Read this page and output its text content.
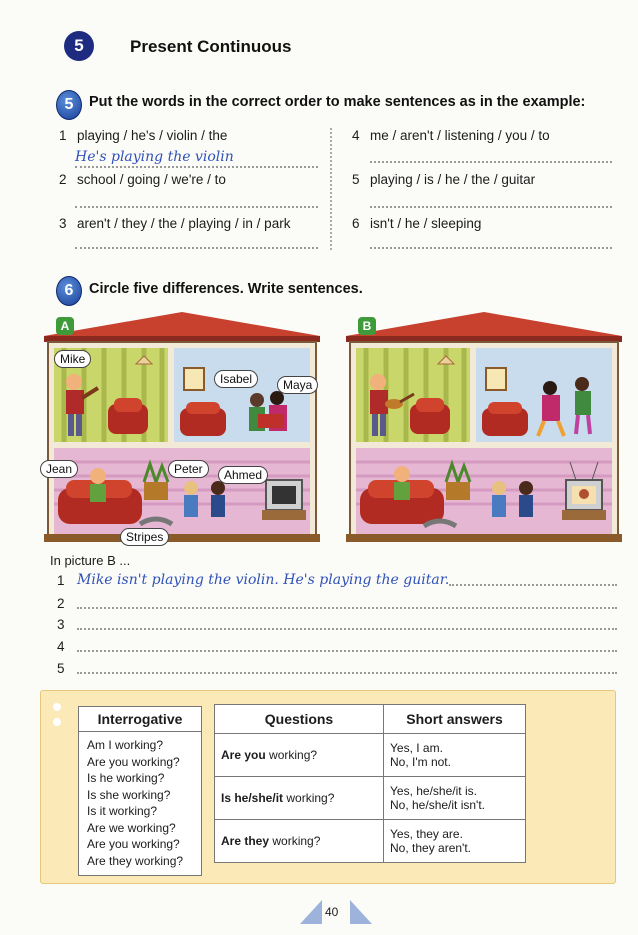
5	Present Continuous
5	Put the words in the correct order to make sentences as in the example:
1 playing / he's / violin / the
He's playing the violin
2 school / going / we're / to
3 aren't / they / the / playing / in / park
4 me / aren't / listening / you / to
5 playing / is / he / the / guitar
6 isn't / he / sleeping
6	Circle five differences. Write sentences.
A
Mike
Isabel	Maya
Jean	Peter	Ahmed
Stripes
B
In picture B ...
1 Mike isn't playing the violin. He's playing the guitar.
2
3
4
5
Interrogative
Am I working?
Are you working?
Is he working?
Is she working?
Is it working?
Are we working?
Are you working?
Are they working?
Questions	Short answers
Are you working?	Yes, I am.
No, I'm not.

Is he/she/it working?	Yes, he/she/it is.
No, he/she/it isn't.

Are they working?	Yes, they are.
No, they aren't.
40
